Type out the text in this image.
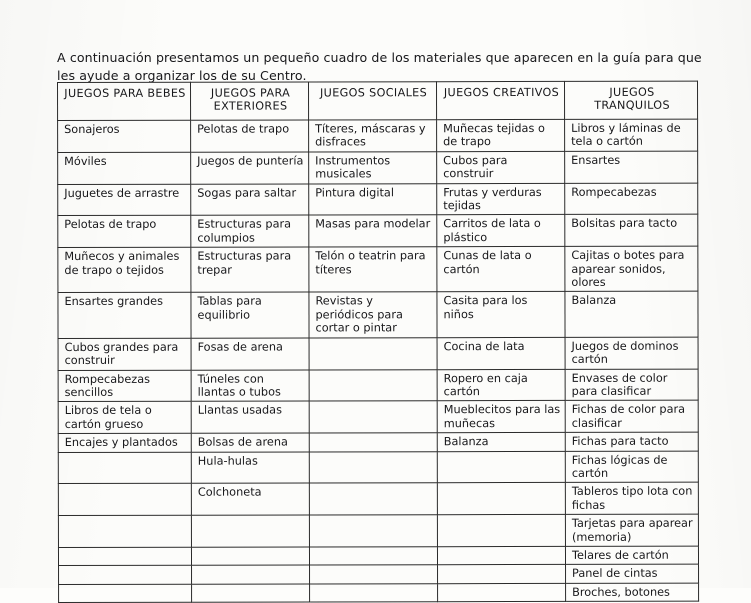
A continuación presentamos un pequeño cuadro de los materiales que aparecen en la guía para que les ayude a organizar los de su Centro.

JUEGOS PARA BEBES	JUEGOS PARA EXTERIORES	JUEGOS SOCIALES	JUEGOS CREATIVOS	JUEGOS TRANQUILOS
Sonajeros	Pelotas de trapo	Títeres, máscaras y disfraces	Muñecas tejidas o de trapo	Libros y láminas de tela o cartón
Móviles	Juegos de puntería	Instrumentos musicales	Cubos para construir	Ensartes
Juguetes de arrastre	Sogas para saltar	Pintura digital	Frutas y verduras tejidas	Rompecabezas
Pelotas de trapo	Estructuras para columpios	Masas para modelar	Carritos de lata o plástico	Bolsitas para tacto
Muñecos y animales de trapo o tejidos	Estructuras para trepar	Telón o teatrin para títeres	Cunas de lata o cartón	Cajitas o botes para aparear sonidos, olores
Ensartes grandes	Tablas para equilibrio	Revistas y periódicos para cortar o pintar	Casita para los niños	Balanza
Cubos grandes para construir	Fosas de arena		Cocina de lata	Juegos de dominos cartón
Rompecabezas sencillos	Túneles con llantas o tubos		Ropero en caja cartón	Envases de color para clasificar
Libros de tela o cartón grueso	Llantas usadas		Mueblecitos para las muñecas	Fichas de color para clasificar
Encajes y plantados	Bolsas de arena		Balanza	Fichas para tacto
	Hula-hulas			Fichas lógicas de cartón
	Colchoneta			Tableros tipo lota con fichas
				Tarjetas para aparear (memoria)
				Telares de cartón
				Panel de cintas
				Broches, botones
